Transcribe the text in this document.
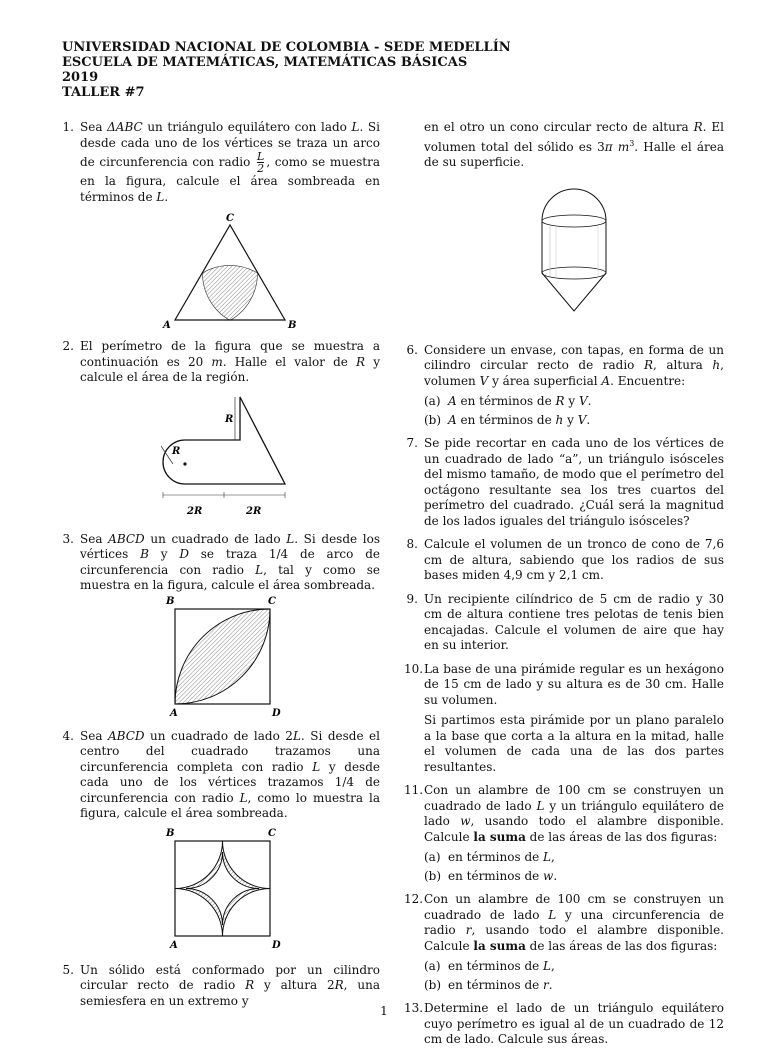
UNIVERSIDAD NACIONAL DE COLOMBIA - SEDE MEDELLÍN
ESCUELA DE MATEMÁTICAS, MATEMÁTICAS BÁSICAS
2019
TALLER #7
1. Sea ΔABC un triángulo equilátero con lado L. Si desde cada uno de los vértices se traza un arco de circunferencia con radio $\frac{L}{2}$ , como se muestra en la figura, calcule el área sombreada en términos de L.
C
A	B
2. El perímetro de la figura que se muestra a continuación es 20 m. Halle el valor de R y calcule el área de la región.
R
R
2R	2R
3. Sea ABCD un cuadrado de lado L. Si desde los vértices B y D se traza 1/4 de arco de circunferencia con radio L, tal y como se muestra en la figura, calcule el área sombreada.
B	C
A	D
4. Sea ABCD un cuadrado de lado 2L. Si desde el centro del cuadrado trazamos una circunferencia completa con radio L y desde cada uno de los vértices trazamos 1/4 de circunferencia con radio L, como lo muestra la figura, calcule el área sombreada.
B	C
A	D
5. Un sólido está conformado por un cilindro circular recto de radio R y altura 2R, una semiesfera en un extremo y
en el otro un cono circular recto de altura R. El volumen total del sólido es 3π $m^3$. Halle el área de su superficie.
6. Considere un envase, con tapas, en forma de un cilindro circular recto de radio R, altura h, volumen V y área superficial A. Encuentre:
(a) A en términos de R y V.
(b) A en términos de h y V.
7. Se pide recortar en cada uno de los vértices de un cuadrado de lado “a”, un triángulo isósceles del mismo tamaño, de modo que el perímetro del octágono resultante sea los tres cuartos del perímetro del cuadrado. ¿Cuál será la magnitud de los lados iguales del triángulo isósceles?
8. Calcule el volumen de un tronco de cono de 7,6 cm de altura, sabiendo que los radios de sus bases miden 4,9 cm y 2,1 cm.
9. Un recipiente cilíndrico de 5 cm de radio y 30 cm de altura contiene tres pelotas de tenis bien encajadas. Calcule el volumen de aire que hay en su interior.
10. La base de una pirámide regular es un hexágono de 15 cm de lado y su altura es de 30 cm. Halle su volumen.
Si partimos esta pirámide por un plano paralelo a la base que corta a la altura en la mitad, halle el volumen de cada una de las dos partes resultantes.
11. Con un alambre de 100 cm se construyen un cuadrado de lado L y un triángulo equilátero de lado w, usando todo el alambre disponible. Calcule la suma de las áreas de las dos figuras:
(a) en términos de L,
(b) en términos de w.
12. Con un alambre de 100 cm se construyen un cuadrado de lado L y una circunferencia de radio r, usando todo el alambre disponible. Calcule la suma de las áreas de las dos figuras:
(a) en términos de L,
(b) en términos de r.
13. Determine el lado de un triángulo equilátero cuyo perímetro es igual al de un cuadrado de 12 cm de lado. Calcule sus áreas.
1
